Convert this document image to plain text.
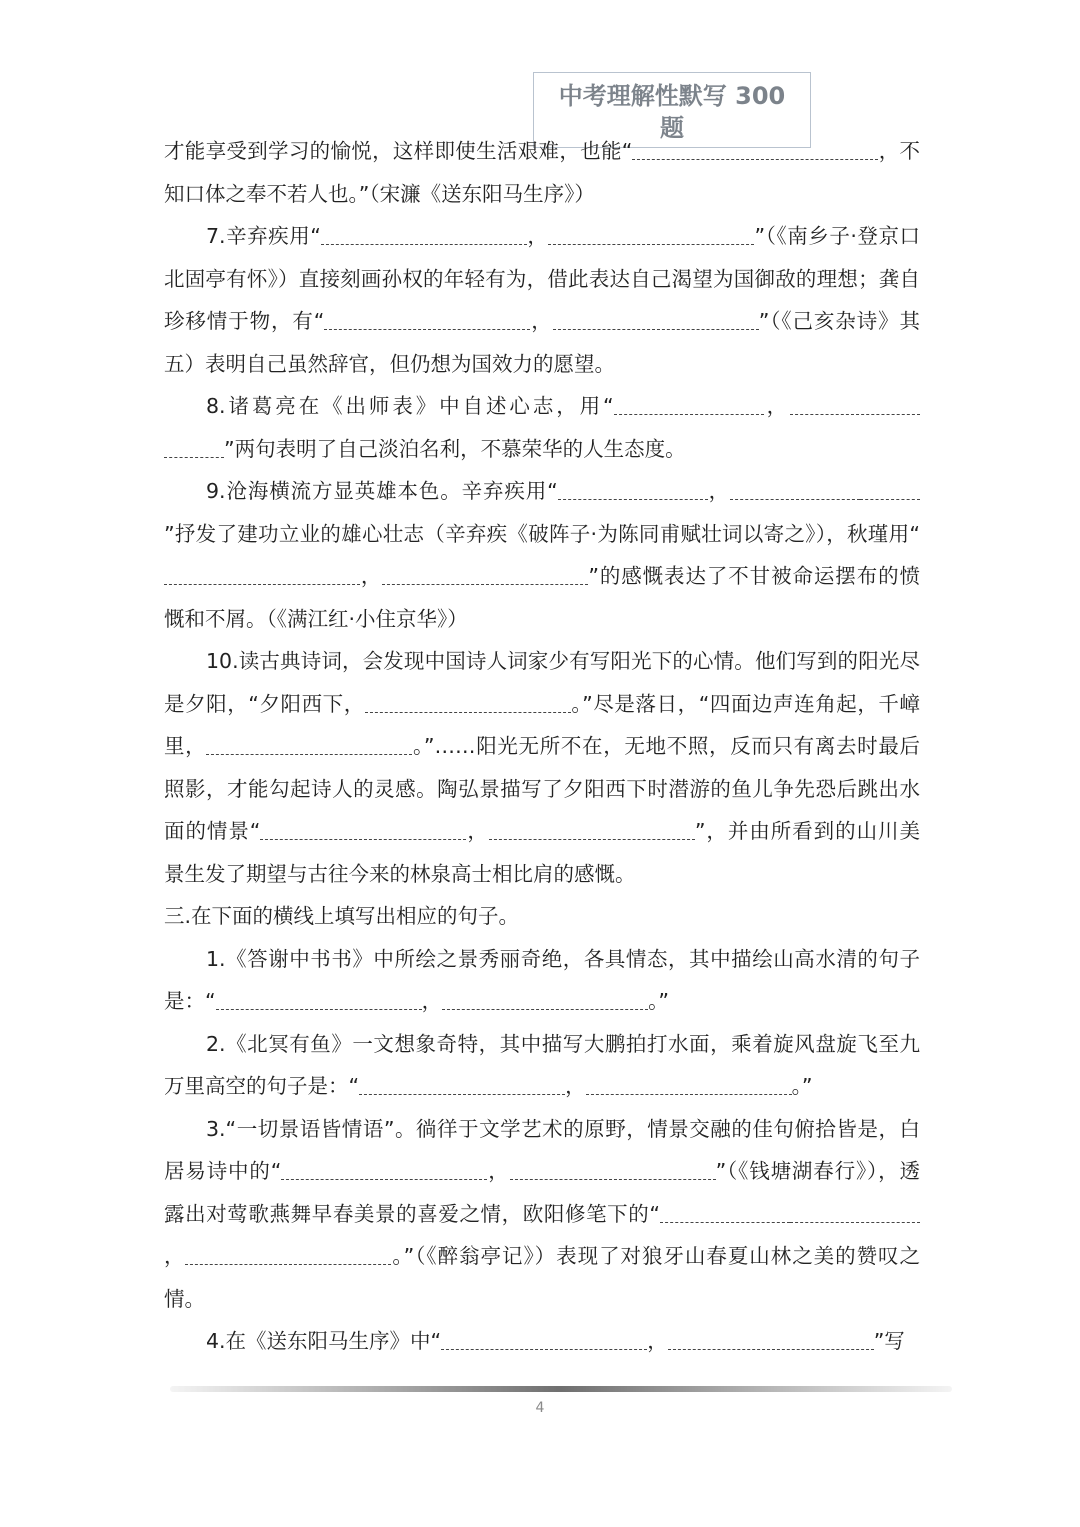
中考理解性默写 300
题

才能享受到学习的愉悦，这样即使生活艰难，也能“	，不知口体之奉不若人也。”（宋濂《送东阳马生序》）

7.辛弃疾用“	，	”（《南乡子·登京口北固亭有怀》）直接刻画孙权的年轻有为，借此表达自己渴望为国御敌的理想；龚自珍移情于物，有“	，	”（《己亥杂诗》其五）表明自己虽然辞官，但仍想为国效力的愿望。

8.诸葛亮在《出师表》中自述心志，用“	，”两句表明了自己淡泊名利，不慕荣华的人生态度。

9.沧海横流方显英雄本色。辛弃疾用“	，”抒发了建功立业的雄心壮志（辛弃疾《破阵子·为陈同甫赋壮词以寄之》），秋瑾用“，	”的感慨表达了不甘被命运摆布的愤慨和不屑。（《满江红·小住京华》）

10.读古典诗词，会发现中国诗人词家少有写阳光下的心情。他们写到的阳光尽是夕阳，“夕阳西下，	。”尽是落日，“四面边声连角起，千嶂里，	。”……阳光无所不在，无地不照，反而只有离去时最后照影，才能勾起诗人的灵感。陶弘景描写了夕阳西下时潜游的鱼儿争先恐后跳出水面的情景“	，	”，并由所看到的山川美景生发了期望与古往今来的林泉高士相比肩的感慨。

三.在下面的横线上填写出相应的句子。

1.《答谢中书书》中所绘之景秀丽奇绝，各具情态，其中描绘山高水清的句子是：“	，	。”

2.《北冥有鱼》一文想象奇特，其中描写大鹏拍打水面，乘着旋风盘旋飞至九万里高空的句子是：“	，	。”

3.“一切景语皆情语”。徜徉于文学艺术的原野，情景交融的佳句俯拾皆是，白居易诗中的“	，	”（《钱塘湖春行》），透露出对莺歌燕舞早春美景的喜爱之情，欧阳修笔下的“，	。”（《醉翁亭记》）表现了对狼牙山春夏山林之美的赞叹之情。

4.在《送东阳马生序》中“	，	”写

4
